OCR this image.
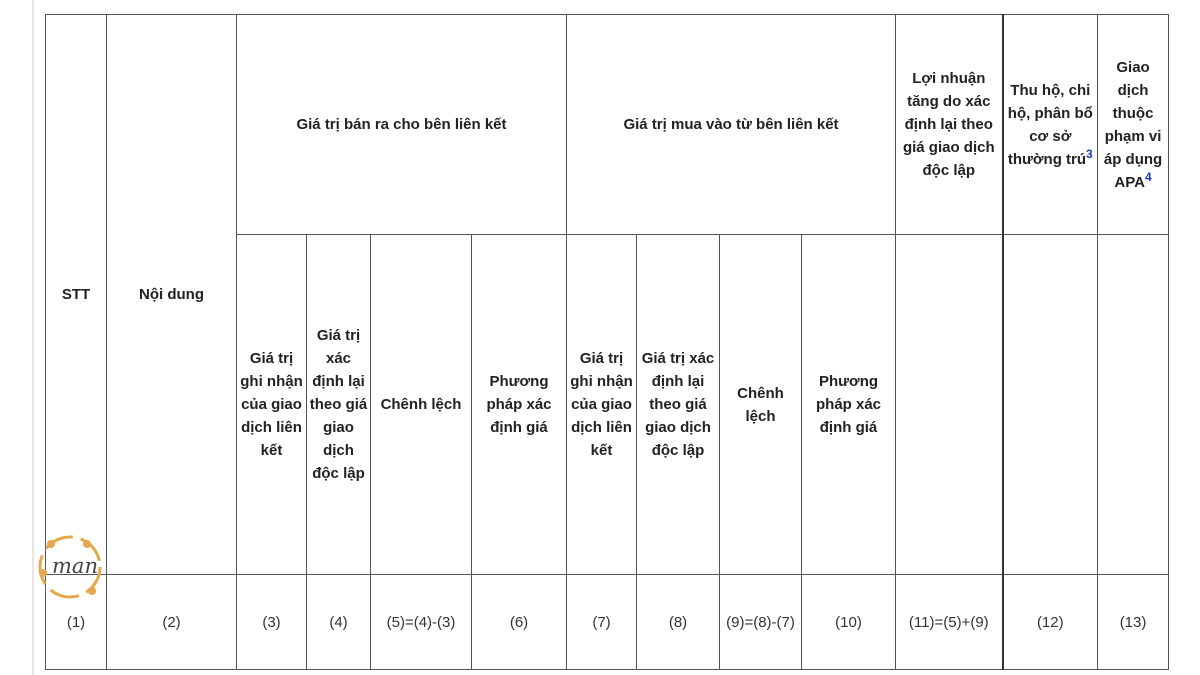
STT	Nội dung	Giá trị bán ra cho bên liên kết				Giá trị mua vào từ bên liên kết				Lợi nhuận tăng do xác định lại theo giá giao dịch độc lập	Thu hộ, chi hộ, phân bổ cơ sở thường trú$^3$	Giao dịch thuộc phạm vi áp dụng APA$^4$
		Giá trị ghi nhận của giao dịch liên kết	Giá trị xác định lại theo giá giao dịch độc lập	Chênh lệch	Phương pháp xác định giá	Giá trị ghi nhận của giao dịch liên kết	Giá trị xác định lại theo giá giao dịch độc lập	Chênh lệch	Phương pháp xác định giá			
(1)	(2)	(3)	(4)	(5)=(4)-(3)	(6)	(7)	(8)	(9)=(8)-(7)	(10)	(11)=(5)+(9)	(12)	(13)
man
